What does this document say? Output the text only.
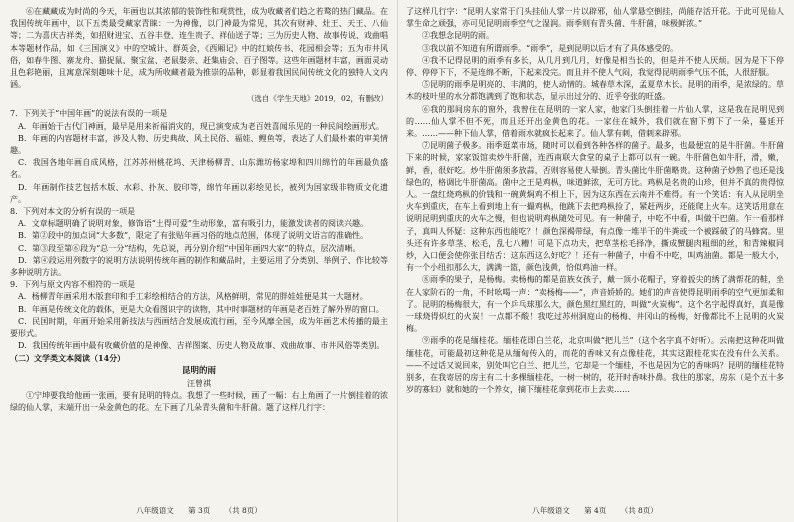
⑥在藏藏成为时尚的今天，年画也以其浓郁的装饰性和观赏性，成为收藏者们趋之若鹜的热门藏品。在我国传统年画中，以下五类最受藏家青睐：一为神像，以门神最为常见，其次有财神、灶王、天王、八仙等；二为喜庆吉祥类，如招财进宝、五谷丰登、连生贵子、祥仙送子等；三为历史人物、故事传说、戏曲唱本等题材作品，如《三国演义》中的空城计、群英会，《西厢记》中的红娘传书、花园相会等；五为市井风俗，如春牛图、寨龙舟、猫捉鼠、聚宝盆、老鼠娶亲、赶集庙会、百子图等。这些年画题材丰富，画面灵动且色彩艳丽，且寓意深刻趣味十足，成为所收藏者最为推崇的品种，彰显着我国民间传统文化的独特人文内涵。

（选自《学生天地》2019．02，有删改）

7．下列关于“中国年画”的说法有误的一项是

A．年画始于古代门神画，最早是用来祈福消灾的，现已演变成为老百姓喜闻乐见的一种民间绘画形式。

B．年画的内容题材丰富，涉及人物、历史典故、风土民俗、福娃、鲤鱼等，表达了人们最朴素的审美情趣。

C．我国各地年画自成风格，江苏苏州桃花坞、天津杨柳青、山东潍坊杨家埠和四川绵竹的年画最负盛名。

D．年画制作技艺包括木版、水彩、扑灰、胶印等，绵竹年画以彩绘见长，被列为国家级非物质文化遗产。

8．下列对本文的分析有误的一项是

A．文章标题明确了说明对象，修饰语“土得可爱”生动形象，富有吸引力，能激发读者的阅读兴趣。

B．第②段中的加点词“大多数”，限定了有张贴年画习俗的地点范围，体现了说明文语言的准确性。

C．第③段至第⑥段为“总一分”结构，先总说，再分别介绍“中国年画四大家”的特点，层次清晰。

D．第④段运用列数字的说明方法说明传统年画的制作和藏品时，主要运用了分类别、举例子、作比较等多种说明方法。

9．下列与原文内容不相符的一项是

A．杨柳青年画采用木版套印和手工彩绘相结合的方法，风格鲜明，常见的胖娃娃便是其一大题材。

B．年画是传统文化的载体，更是大众看图识字的读物，其中时事题材的年画是老百姓了解外界的窗口。

C．民国时期，年画开始采用新技法与西画结合发展成流行画，至今风靡全国，成为年画艺术传播的最主要形式。

D．我国传统年画中最有收藏价值的是神像、吉祥图案、历史人物及故事、戏曲故事、市井风俗等类别。

（二）文学类文本阅读（14分）

昆明的雨

汪曾祺

①宁坤要我给他画一张画，要有昆明的特点。我想了一些时候，画了一幅：右上角画了一片倒挂着的浓绿的仙人掌，末端开出一朵金黄色的花。左下画了几朵青头菌和牛肝菌。题了这样几行字：

八年级语文 第 3页 （共 8页）

了这样几行字：“昆明人家常于门头挂仙人掌一片以辟邪，仙人掌悬空倒挂，尚能存活开花。于此可见仙人掌生命之顽强，亦可见昆明雨季空气之湿润。雨季则有青头菌、牛肝菌，味极鲜浓。”

②我想念昆明的雨。

③我以前不知道有所谓雨季。“雨季”，是到昆明以后才有了具体感受的。

④我不记得昆明的雨季有多长，从几月到几月，好像是相当长的，但是并不使人厌烦。因为是下下停停、停停下下，不是连绵不断，下起来没完。而且并不使人气闷，我觉得昆明雨季气压不低，人很舒服。

⑤昆明的雨季是明亮的、丰满的，使人动情的。城春草木深，孟夏草木长。昆明的雨季，是浓绿的。草木的枝叶里的水分都饱满到了饱和状态，显示出过分的、近乎夸张的旺盛。

⑥我的那间房东的窗外，我曾住在昆明的一家人家，他家门头倒挂着一片仙人掌，这是我在昆明见到的……仙人掌不但不死，而且还开出金黄色的花。一家住在城外，我们就在窗下剪下了一朵，蔓延开来。……——种下仙人掌，借着雨水就疯长起来了。仙人掌有刺，借刺来辟邪。

⑦昆明菌子极多。雨季逛菜市场，随时可以看到各种各样的菌子。最多，也最便宜的是牛肝菌。牛肝菌下来的时候，家家饭馆卖炒牛肝菌，连西南联大食堂的桌子上都可以有一碗。牛肝菌色如牛肝，滑，嫩，鲜，香，很好吃。炒牛肝菌须多放蒜，否则容易使人晕倒。青头菌比牛肝菌略贵。这种菌子炒熟了也还是浅绿色的，格调比牛肝菌高。菌中之王是鸡枞，味道鲜浓，无可方比。鸡枞是名贵的山珍，但并不真的贵得惊人。一盘红烧鸡枞的价钱和一碗黄焖鸡不相上下，因为这东西在云南并不难得。有一个笑话：有人从昆明坐火车到重庆，在车上看到地上有一撮鸡枞，他跳下去把鸡枞捡了，紧赶两步，还能爬上火车。这笑话用意在说明昆明到重庆的火车之慢，但也说明鸡枞随处可见。有一种菌子，中吃不中看，叫做干巴菌。乍一看那样子，真叫人怀疑：这种东西也能吃？！颜色深褐带绿，有点像一堆半干的牛粪或一个被踩破了的马蜂窝。里头还有许多草茎、松毛，乱七八糟！可是下点功夫，把草茎松毛择净，撕成蟹腿肉粗细的丝，和青辣椒同炒，入口便会使你张目结舌：这东西这么好吃？！还有一种菌子，中看不中吃，叫鸡油菌。都是一般大小，有一个小纽扣那么大，满满一篮，颜色浅黄，恰似鸡油一样。

⑧雨季的果子，是杨梅。卖杨梅的都是苗族女孩子，戴一顶小花帽子，穿着扳尖的绣了满帮花的鞋，坐在人家阶石的一角，不时吆喝一声：“卖杨梅——”，声音娇娇的。她们的声音使得昆明雨季的空气更加柔和了。昆明的杨梅很大，有一个乒乓球那么大，颜色黑红黑红的，叫做“火炭梅”。这个名字起得真好，真是像一球烧得炽红的火炭！一点都不酸！我吃过苏州洞庭山的杨梅、井冈山的杨梅，好像都比不上昆明的火炭梅。

⑨雨季的花是缅桂花。缅桂花即白兰花，北京叫做“把儿兰”（这个名字真不好听）。云南把这种花叫做缅桂花，可能最初这种花是从缅甸传入的，而花的香味又有点像桂花，其实这跟桂花实在没有什么关系。——不过话又说回来，别处叫它白兰、把儿兰，它却是一个缅桂，不也是因为它的香味吗？昆明的缅桂花特别多，在我寄居的房主有二十多棵缅桂花，一树一树的，花开时香味扑鼻。我住的那家，房东（是个五十多岁的寡妇）就和她的一个养女，摘下缅桂花拿到花市上去卖……

八年级语文 第 4页 （共 8页）
